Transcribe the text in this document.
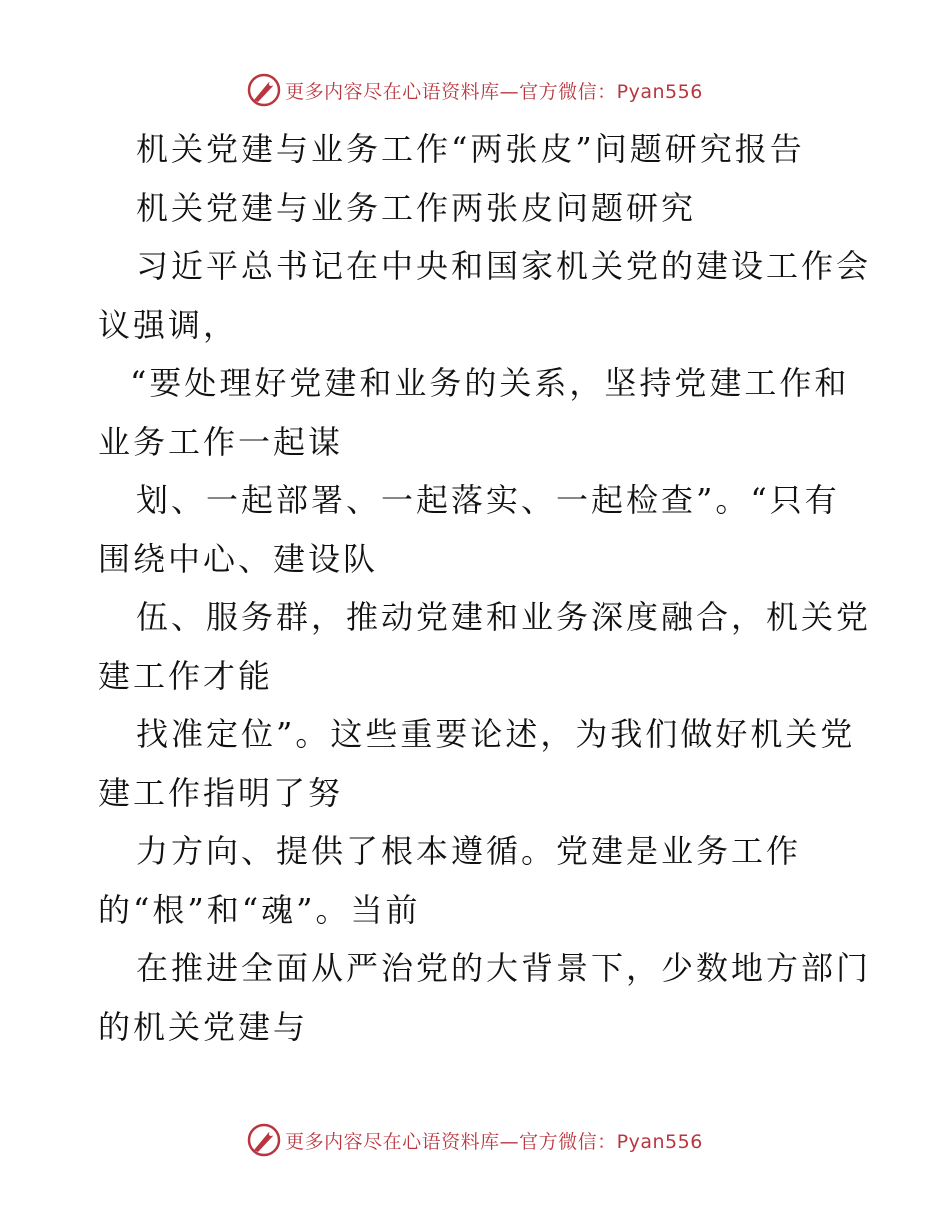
更多内容尽在心语资料库—官方微信：Pyan556
机关党建与业务工作“两张皮”问题研究报告
机关党建与业务工作两张皮问题研究
习近平总书记在中央和国家机关党的建设工作会
议强调，
“要处理好党建和业务的关系，坚持党建工作和
业务工作一起谋
划、一起部署、一起落实、一起检查”。“只有
围绕中心、建设队
伍、服务群，推动党建和业务深度融合，机关党
建工作才能
找准定位”。这些重要论述，为我们做好机关党
建工作指明了努
力方向、提供了根本遵循。党建是业务工作
的“根”和“魂”。当前
在推进全面从严治党的大背景下，少数地方部门
的机关党建与
更多内容尽在心语资料库—官方微信：Pyan556
